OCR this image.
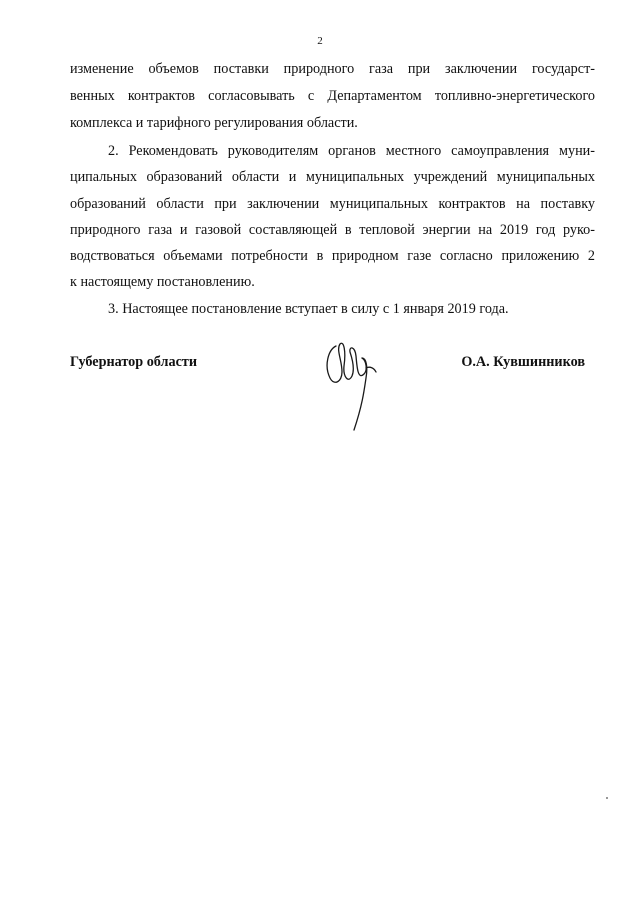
2
изменение объемов поставки природного газа при заключении государст-
венных контрактов согласовывать с Департаментом топливно-энергетического
комплекса и тарифного регулирования области.
2. Рекомендовать руководителям органов местного самоуправления муни-
ципальных образований области и муниципальных учреждений муниципальных
образований области при заключении муниципальных контрактов на поставку
природного газа и газовой составляющей в тепловой энергии на 2019 год руко-
водствоваться объемами потребности в природном газе согласно приложению 2
к настоящему постановлению.
3. Настоящее постановление вступает в силу с 1 января 2019 года.
Губернатор области	О.А. Кувшинников
